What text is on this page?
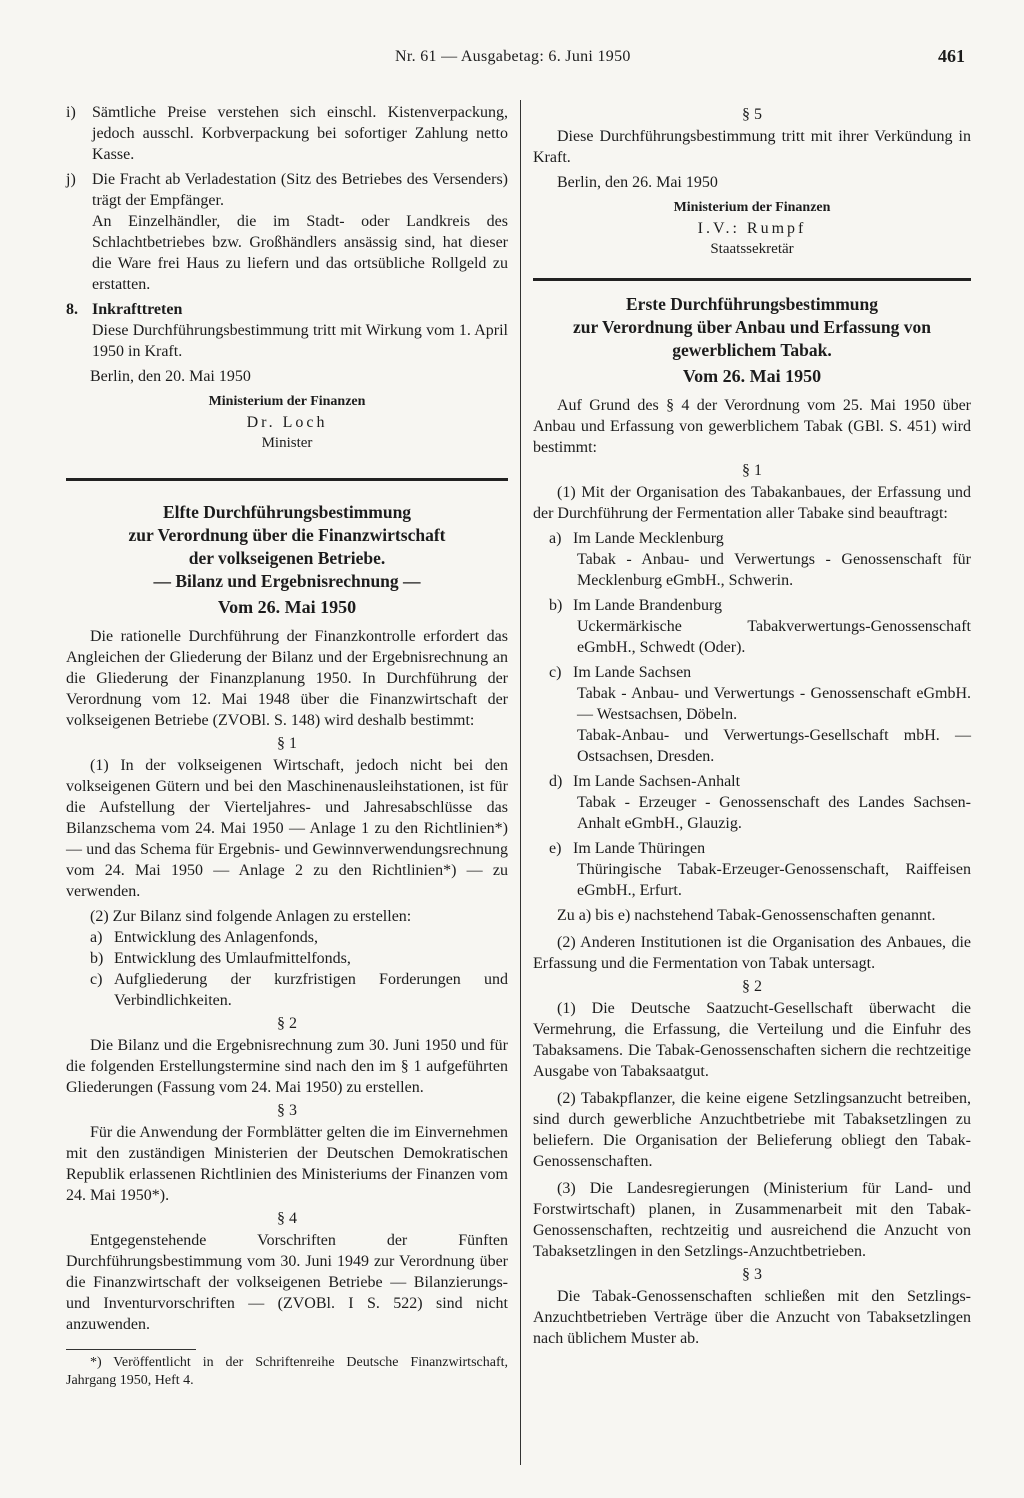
Nr. 61 — Ausgabetag: 6. Juni 1950	461
i)	Sämtliche Preise verstehen sich einschl. Kistenverpackung, jedoch ausschl. Korbverpackung bei sofortiger Zahlung netto Kasse.
j)	Die Fracht ab Verladestation (Sitz des Betriebes des Versenders) trägt der Empfänger.

An Einzelhändler, die im Stadt- oder Landkreis des Schlachtbetriebes bzw. Großhändlers ansässig sind, hat dieser die Ware frei Haus zu liefern und das ortsübliche Rollgeld zu erstatten.

8. Inkrafttreten

Diese Durchführungsbestimmung tritt mit Wirkung vom 1. April 1950 in Kraft.

Berlin, den 20. Mai 1950

Ministerium der Finanzen
Dr. Loch
Minister
Elfte Durchführungsbestimmung
zur Verordnung über die Finanzwirtschaft
der volkseigenen Betriebe.
— Bilanz und Ergebnisrechnung —
Vom 26. Mai 1950

Die rationelle Durchführung der Finanzkontrolle erfordert das Angleichen der Gliederung der Bilanz und der Ergebnisrechnung an die Gliederung der Finanzplanung 1950. In Durchführung der Verordnung vom 12. Mai 1948 über die Finanzwirtschaft der volkseigenen Betriebe (ZVOBl. S. 148) wird deshalb bestimmt:

§ 1

(1) In der volkseigenen Wirtschaft, jedoch nicht bei den volkseigenen Gütern und bei den Maschinenausleihstationen, ist für die Aufstellung der Vierteljahres- und Jahresabschlüsse das Bilanzschema vom 24. Mai 1950 — Anlage 1 zu den Richtlinien*) — und das Schema für Ergebnis- und Gewinnverwendungsrechnung vom 24. Mai 1950 — Anlage 2 zu den Richtlinien*) — zu verwenden.

(2) Zur Bilanz sind folgende Anlagen zu erstellen:

a) Entwicklung des Anlagenfonds,
b) Entwicklung des Umlaufmittelfonds,
c) Aufgliederung der kurzfristigen Forderungen und Verbindlichkeiten.
§ 2

Die Bilanz und die Ergebnisrechnung zum 30. Juni 1950 und für die folgenden Erstellungstermine sind nach den im § 1 aufgeführten Gliederungen (Fassung vom 24. Mai 1950) zu erstellen.

§ 3

Für die Anwendung der Formblätter gelten die im Einvernehmen mit den zuständigen Ministerien der Deutschen Demokratischen Republik erlassenen Richtlinien des Ministeriums der Finanzen vom 24. Mai 1950*).

§ 4

Entgegenstehende Vorschriften der Fünften Durchführungsbestimmung vom 30. Juni 1949 zur Verordnung über die Finanzwirtschaft der volkseigenen Betriebe — Bilanzierungs- und Inventurvorschriften — (ZVOBl. I S. 522) sind nicht anzuwenden.

*) Veröffentlicht in der Schriftenreihe Deutsche Finanzwirtschaft, Jahrgang 1950, Heft 4.

§ 5

Diese Durchführungsbestimmung tritt mit ihrer Verkündung in Kraft.

Berlin, den 26. Mai 1950

Ministerium der Finanzen
I.V.: Rumpf
Staatssekretär
Erste Durchführungsbestimmung
zur Verordnung über Anbau und Erfassung von
gewerblichem Tabak.
Vom 26. Mai 1950

Auf Grund des § 4 der Verordnung vom 25. Mai 1950 über Anbau und Erfassung von gewerblichem Tabak (GBl. S. 451) wird bestimmt:

§ 1

(1) Mit der Organisation des Tabakanbaues, der Erfassung und der Durchführung der Fermentation aller Tabake sind beauftragt:

a) Im Lande Mecklenburg

Tabak - Anbau- und Verwertungs - Genossenschaft für Mecklenburg eGmbH., Schwerin.

b) Im Lande Brandenburg

Uckermärkische Tabakverwertungs-Genossenschaft eGmbH., Schwedt (Oder).

c) Im Lande Sachsen

Tabak - Anbau- und Verwertungs - Genossenschaft eGmbH. — Westsachsen, Döbeln.

Tabak-Anbau- und Verwertungs-Gesellschaft mbH. — Ostsachsen, Dresden.

d) Im Lande Sachsen-Anhalt

Tabak - Erzeuger - Genossenschaft des Landes Sachsen-Anhalt eGmbH., Glauzig.

e) Im Lande Thüringen

Thüringische Tabak-Erzeuger-Genossenschaft, Raiffeisen eGmbH., Erfurt.

Zu a) bis e) nachstehend Tabak-Genossenschaften genannt.

(2) Anderen Institutionen ist die Organisation des Anbaues, die Erfassung und die Fermentation von Tabak untersagt.

§ 2

(1) Die Deutsche Saatzucht-Gesellschaft überwacht die Vermehrung, die Erfassung, die Verteilung und die Einfuhr des Tabaksamens. Die Tabak-Genossenschaften sichern die rechtzeitige Ausgabe von Tabaksaatgut.

(2) Tabakpflanzer, die keine eigene Setzlingsanzucht betreiben, sind durch gewerbliche Anzuchtbetriebe mit Tabaksetzlingen zu beliefern. Die Organisation der Belieferung obliegt den Tabak-Genossenschaften.

(3) Die Landesregierungen (Ministerium für Land- und Forstwirtschaft) planen, in Zusammenarbeit mit den Tabak-Genossenschaften, rechtzeitig und ausreichend die Anzucht von Tabaksetzlingen in den Setzlings-Anzuchtbetrieben.

§ 3

Die Tabak-Genossenschaften schließen mit den Setzlings-Anzuchtbetrieben Verträge über die Anzucht von Tabaksetzlingen nach üblichem Muster ab.
